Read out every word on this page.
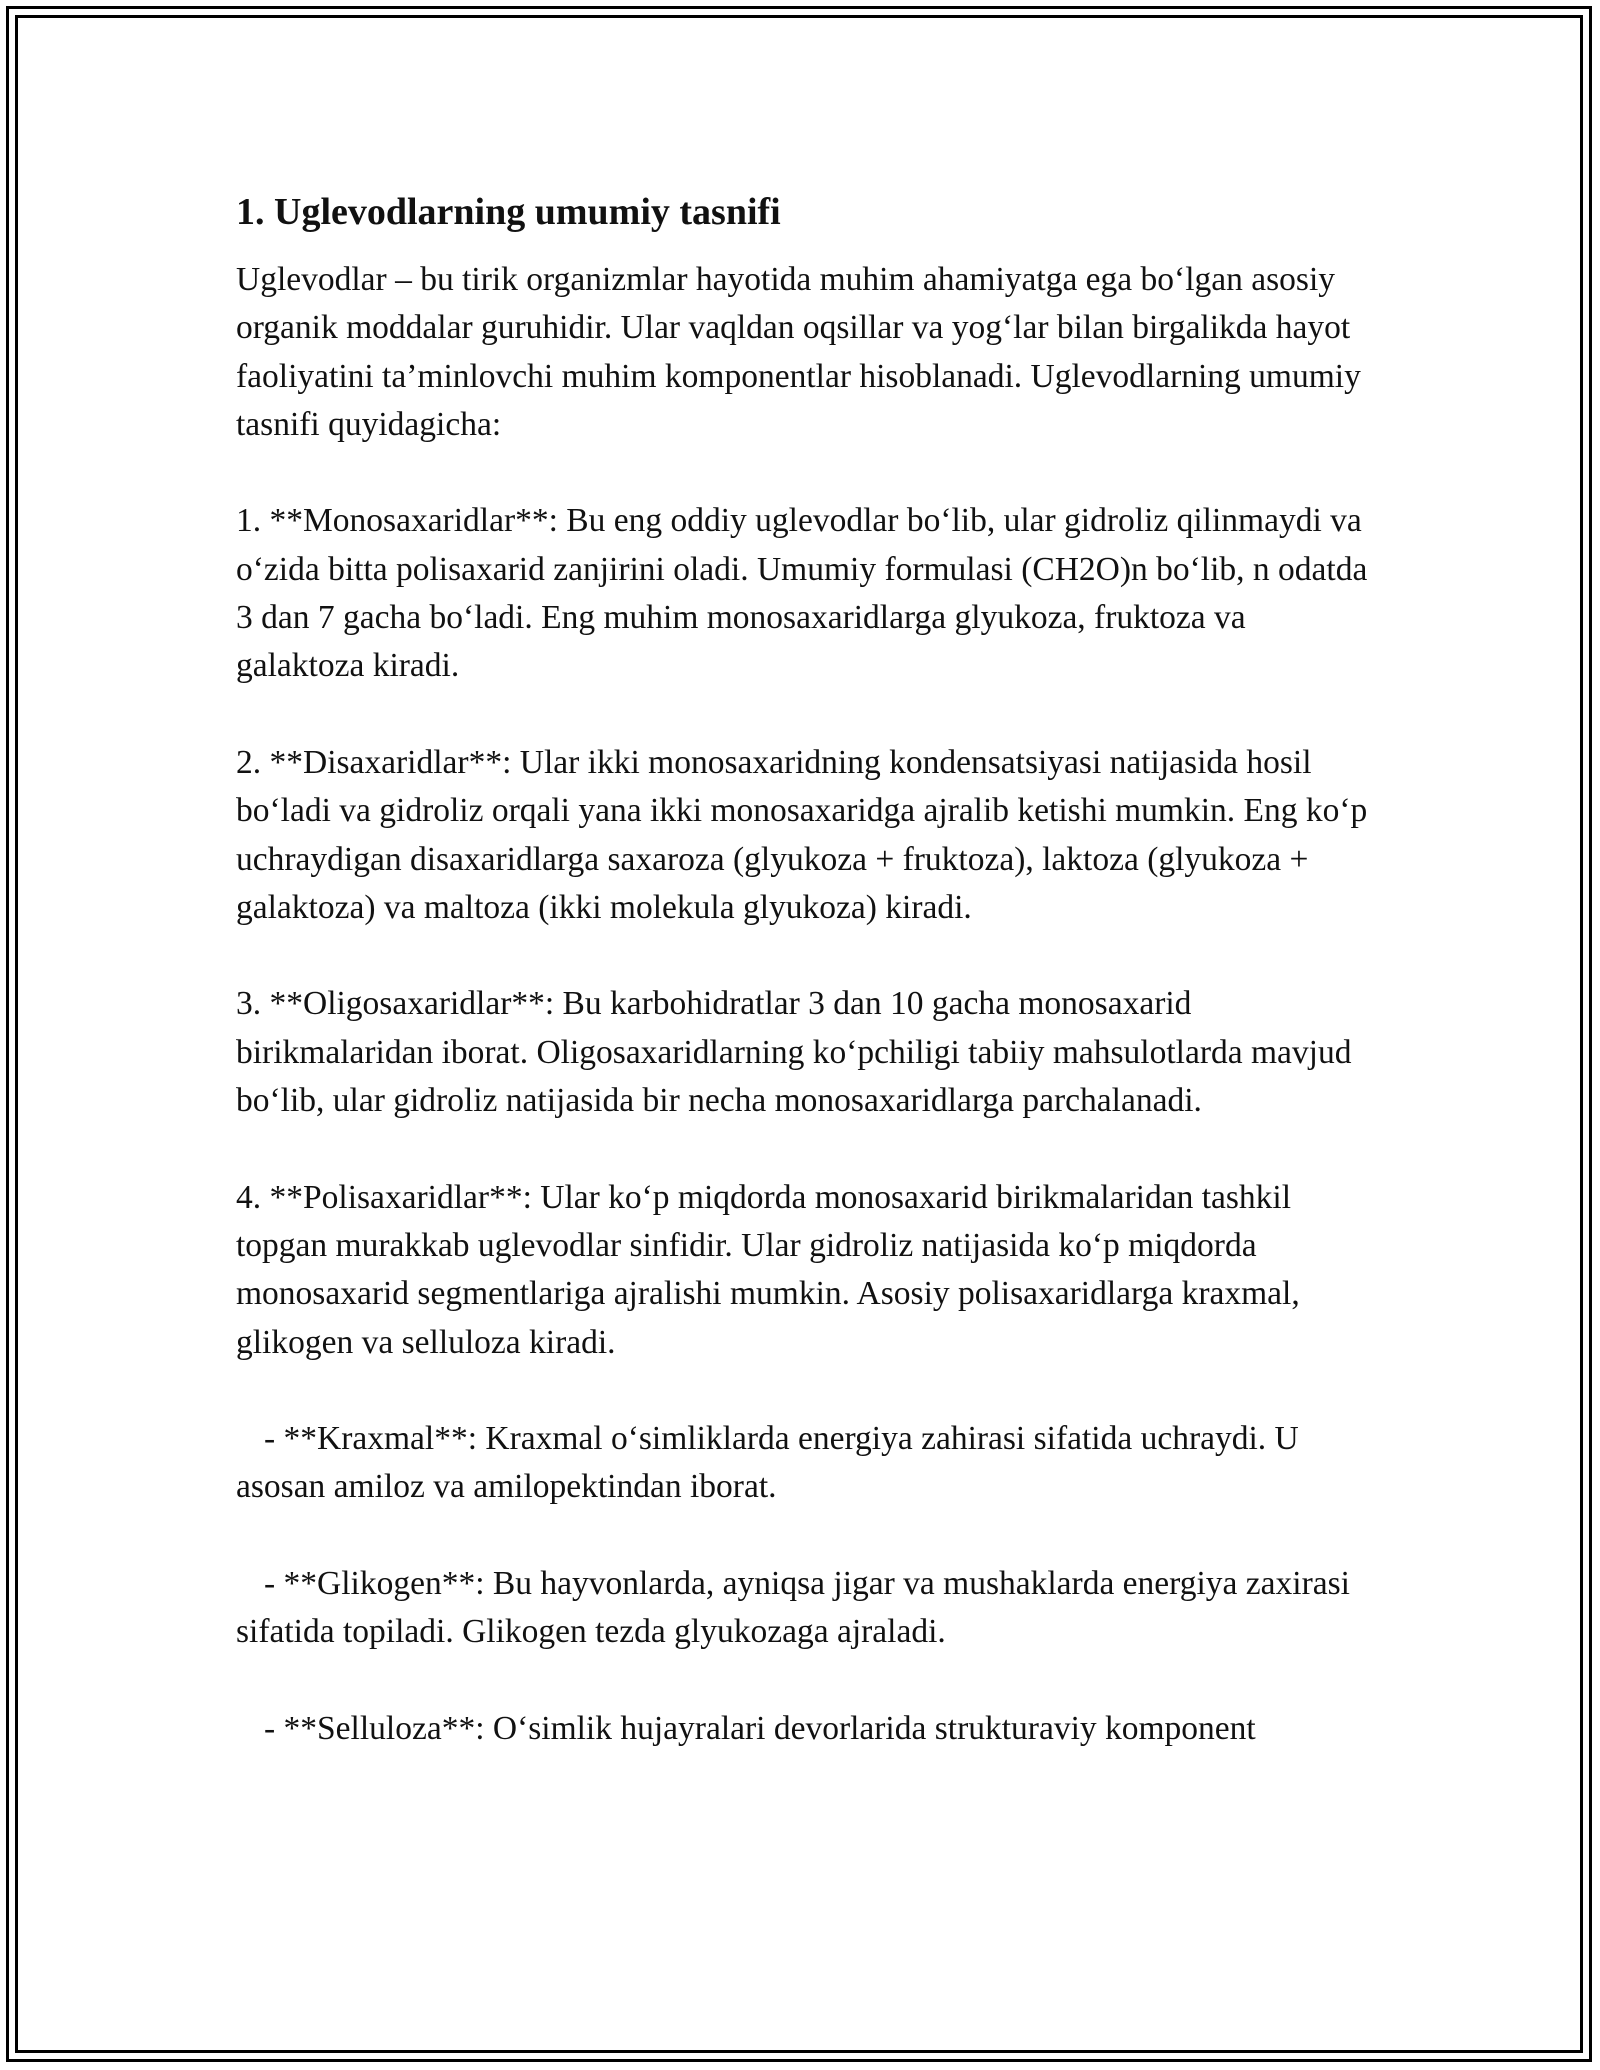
1. Uglevodlarning umumiy tasnifi

Uglevodlar – bu tirik organizmlar hayotida muhim ahamiyatga ega bo‘lgan asosiy organik moddalar guruhidir. Ular vaqldan oqsillar va yog‘lar bilan birgalikda hayot faoliyatini ta’minlovchi muhim komponentlar hisoblanadi. Uglevodlarning umumiy tasnifi quyidagicha:

1. **Monosaxaridlar**: Bu eng oddiy uglevodlar bo‘lib, ular gidroliz qilinmaydi va o‘zida bitta polisaxarid zanjirini oladi. Umumiy formulasi (CH2O)n bo‘lib, n odatda 3 dan 7 gacha bo‘ladi. Eng muhim monosaxaridlarga glyukoza, fruktoza va galaktoza kiradi.

2. **Disaxaridlar**: Ular ikki monosaxaridning kondensatsiyasi natijasida hosil bo‘ladi va gidroliz orqali yana ikki monosaxaridga ajralib ketishi mumkin. Eng ko‘p uchraydigan disaxaridlarga saxaroza (glyukoza + fruktoza), laktoza (glyukoza + galaktoza) va maltoza (ikki molekula glyukoza) kiradi.

3. **Oligosaxaridlar**: Bu karbohidratlar 3 dan 10 gacha monosaxarid birikmalaridan iborat. Oligosaxaridlarning ko‘pchiligi tabiiy mahsulotlarda mavjud bo‘lib, ular gidroliz natijasida bir necha monosaxaridlarga parchalanadi.

4. **Polisaxaridlar**: Ular ko‘p miqdorda monosaxarid birikmalaridan tashkil topgan murakkab uglevodlar sinfidir. Ular gidroliz natijasida ko‘p miqdorda monosaxarid segmentlariga ajralishi mumkin. Asosiy polisaxaridlarga kraxmal, glikogen va selluloza kiradi.

- **Kraxmal**: Kraxmal o‘simliklarda energiya zahirasi sifatida uchraydi. U asosan amiloz va amilopektindan iborat.

- **Glikogen**: Bu hayvonlarda, ayniqsa jigar va mushaklarda energiya zaxirasi sifatida topiladi. Glikogen tezda glyukozaga ajraladi.

- **Selluloza**: O‘simlik hujayralari devorlarida strukturaviy komponent
